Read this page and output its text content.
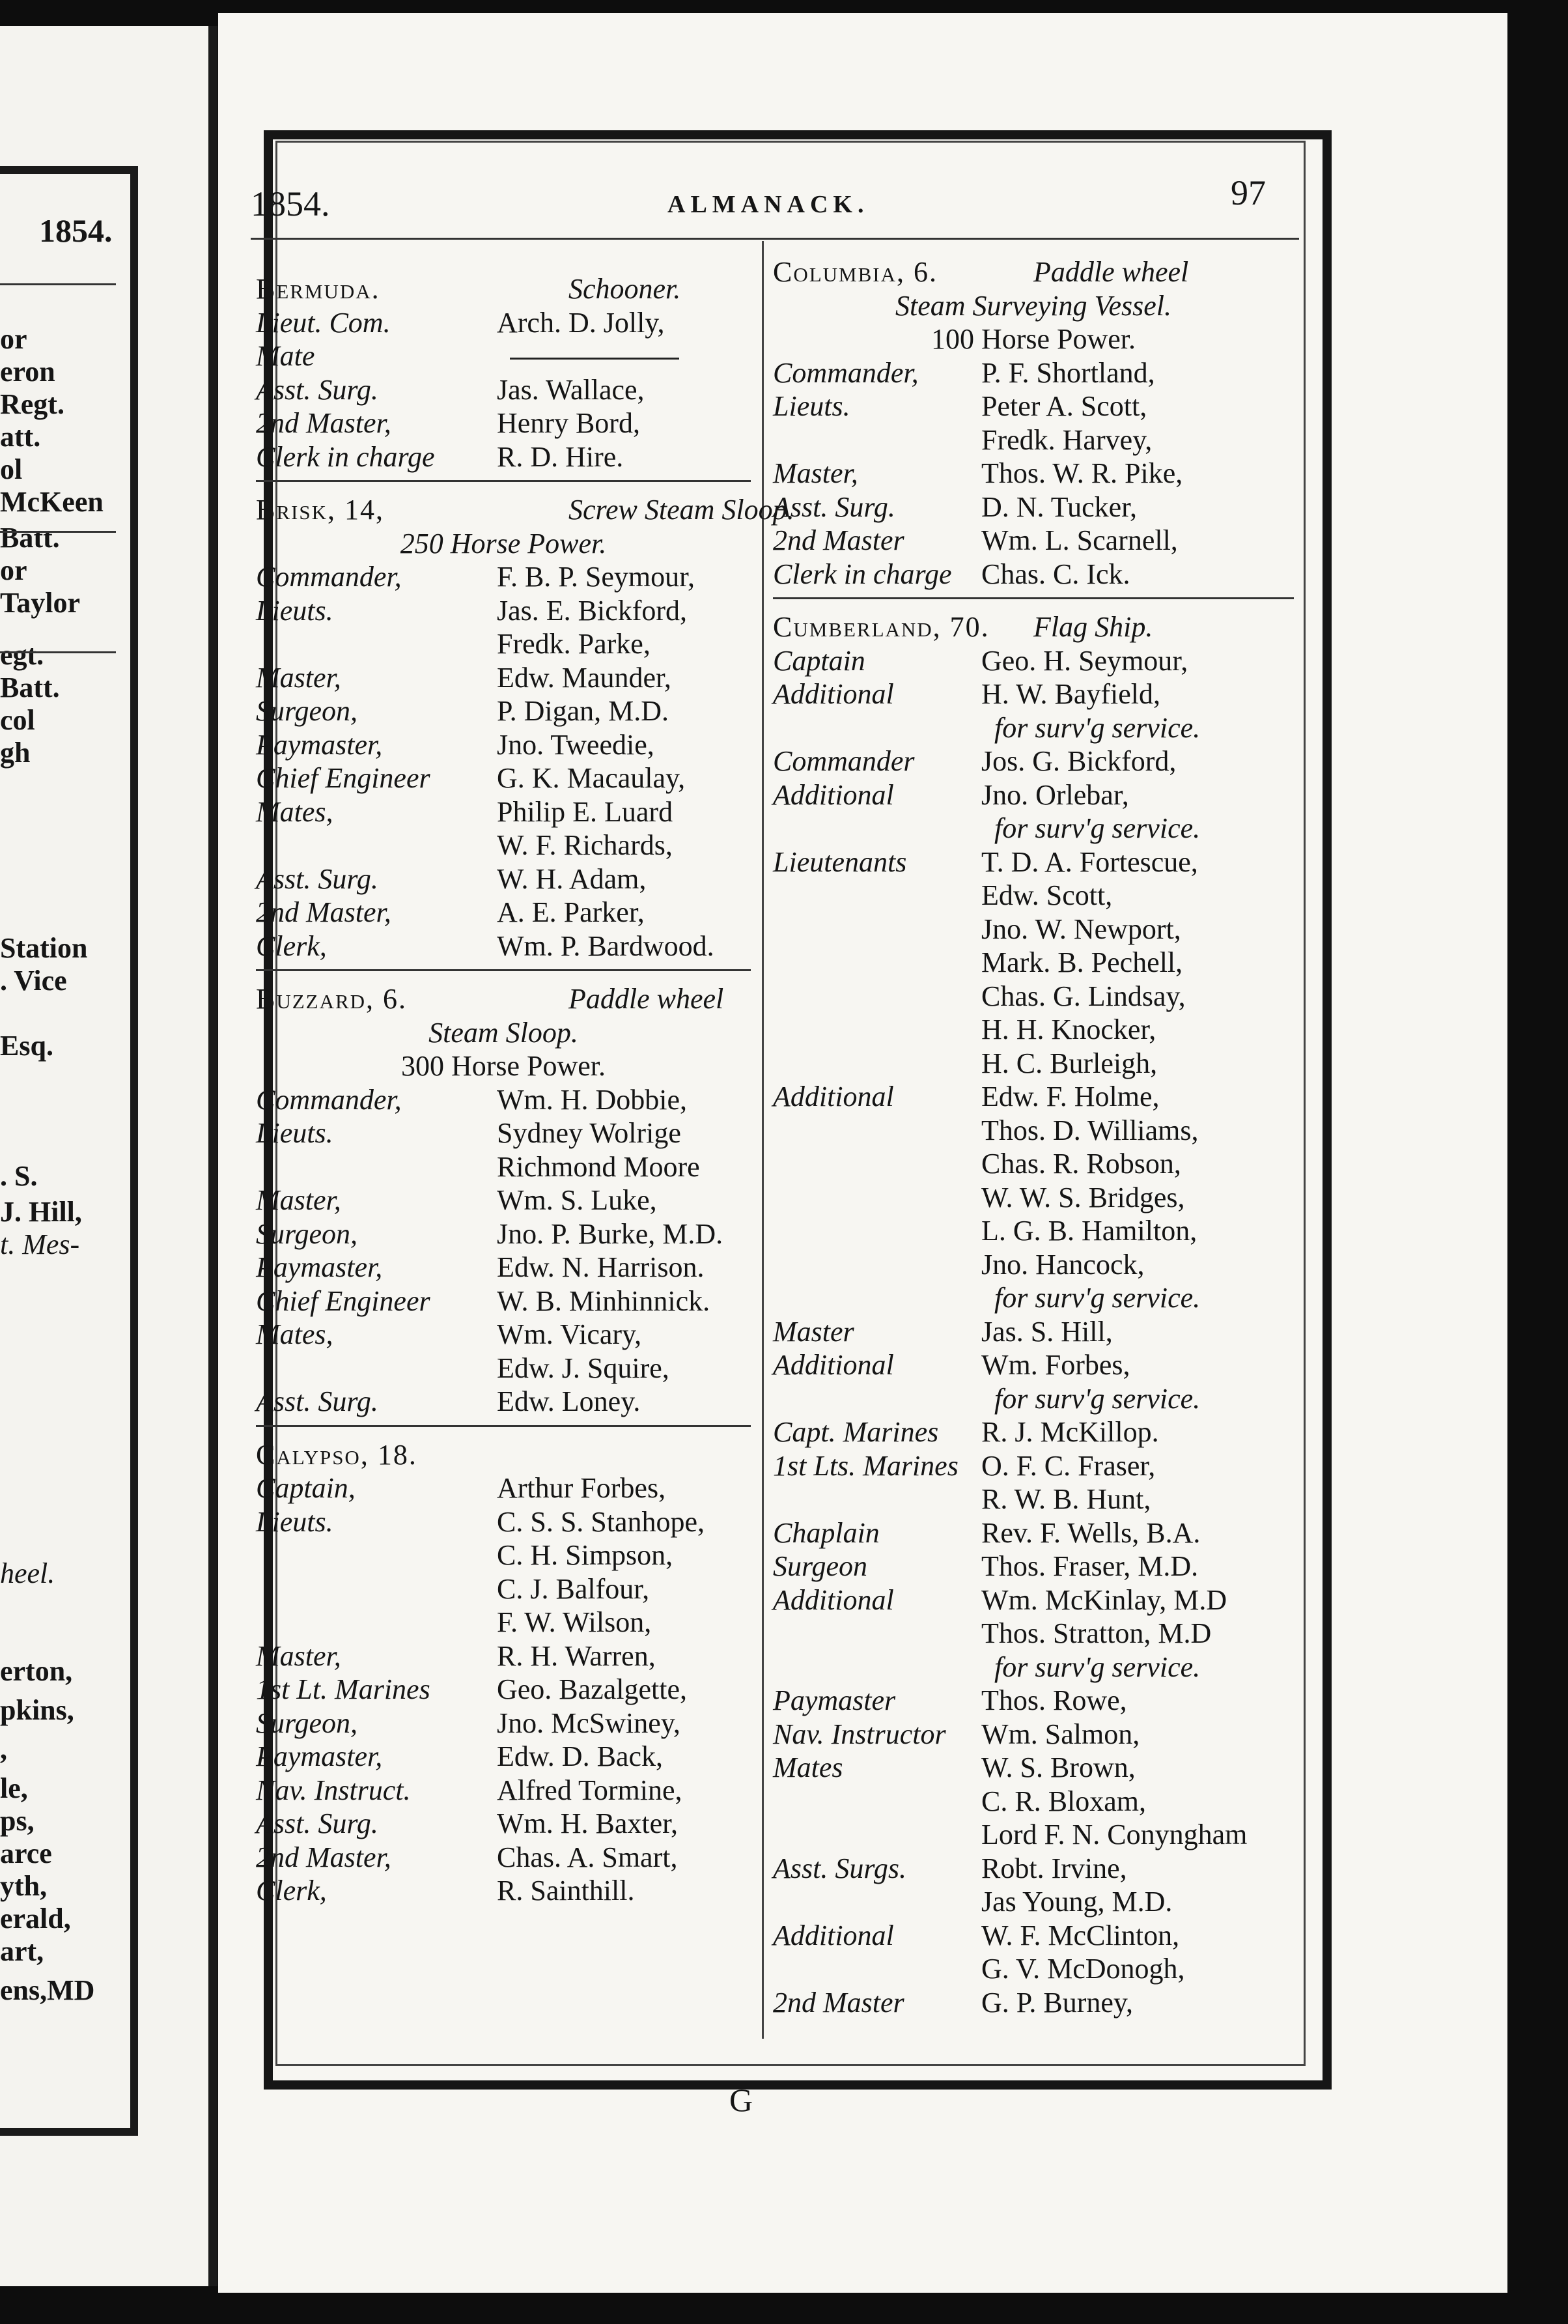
1854.
or
eron
Regt.
att.
ol
McKeen
Batt.
or
Taylor
egt.
Batt.
col
gh
Station
. Vice
Esq.
. S.
J. Hill,
t. Mes-
heel.
erton,
pkins,
,
le,
ps,
arce
yth,
erald,
art,
ens,MD
1854.	ALMANACK.	97
Bermuda.	Schooner.
Lieut. Com.	Arch. D. Jolly,
Mate
Asst. Surg.	Jas. Wallace,
2nd Master,	Henry Bord,
Clerk in charge R. D. Hire.
Brisk, 14,	Screw Steam Sloop.
250 Horse Power.
Commander,	F. B. P. Seymour,
Lieuts.	Jas. E. Bickford,
Fredk. Parke,
Master,	Edw. Maunder,
Surgeon,	P. Digan, M.D.
Paymaster,	Jno. Tweedie,
Chief Engineer G. K. Macaulay,
Mates,	Philip E. Luard
W. F. Richards,
Asst. Surg.	W. H. Adam,
2nd Master,	A. E. Parker,
Clerk,	Wm. P. Bardwood.
Buzzard, 6.	Paddle wheel
Steam Sloop.
300 Horse Power.
Commander,	Wm. H. Dobbie,
Lieuts.	Sydney Wolrige
Richmond Moore
Master,	Wm. S. Luke,
Surgeon,	Jno. P. Burke, M.D.
Paymaster,	Edw. N. Harrison.
Chief Engineer W. B. Minhinnick.
Mates,	Wm. Vicary,
Edw. J. Squire,
Asst. Surg.	Edw. Loney.
Calypso, 18.
Captain,	Arthur Forbes,
Lieuts.	C. S. S. Stanhope,
C. H. Simpson,
C. J. Balfour,
F. W. Wilson,
Master,	R. H. Warren,
1st Lt. Marines Geo. Bazalgette,
Surgeon,	Jno. McSwiney,
Paymaster,	Edw. D. Back,
Nav. Instruct.	Alfred Tormine,
Asst. Surg.	Wm. H. Baxter,
2nd Master,	Chas. A. Smart,
Clerk,	R. Sainthill.
Columbia, 6.	Paddle wheel
Steam Surveying Vessel.
100 Horse Power.
Commander, P. F. Shortland,
Lieuts.	Peter A. Scott,
Fredk. Harvey,
Master,	Thos. W. R. Pike,
Asst. Surg.	D. N. Tucker,
2nd Master	Wm. L. Scarnell,
Clerk in charge Chas. C. Ick.
Cumberland, 70. Flag Ship.
Captain	Geo. H. Seymour,
Additional	H. W. Bayfield,
for surv'g service.
Commander Jos. G. Bickford,
Additional	Jno. Orlebar,
for surv'g service.
Lieutenants	T. D. A. Fortescue,
Edw. Scott,
Jno. W. Newport,
Mark. B. Pechell,
Chas. G. Lindsay,
H. H. Knocker,
H. C. Burleigh,
Additional	Edw. F. Holme,
Thos. D. Williams,
Chas. R. Robson,
W. W. S. Bridges,
L. G. B. Hamilton,
Jno. Hancock,
for surv'g service.
Master	Jas. S. Hill,
Additional	Wm. Forbes,
for surv'g service.
Capt. Marines R. J. McKillop.
1st Lts. Marines O. F. C. Fraser,
R. W. B. Hunt,
Chaplain	Rev. F. Wells, B.A.
Surgeon	Thos. Fraser, M.D.
Additional	Wm. McKinlay, M.D
Thos. Stratton, M.D
for surv'g service.
Paymaster	Thos. Rowe,
Nav. Instructor Wm. Salmon,
Mates	W. S. Brown,
C. R. Bloxam,
Lord F. N. Conyngham
Asst. Surgs.	Robt. Irvine,
Jas Young, M.D.
Additional	W. F. McClinton,
G. V. McDonogh,
2nd Master	G. P. Burney,
G
